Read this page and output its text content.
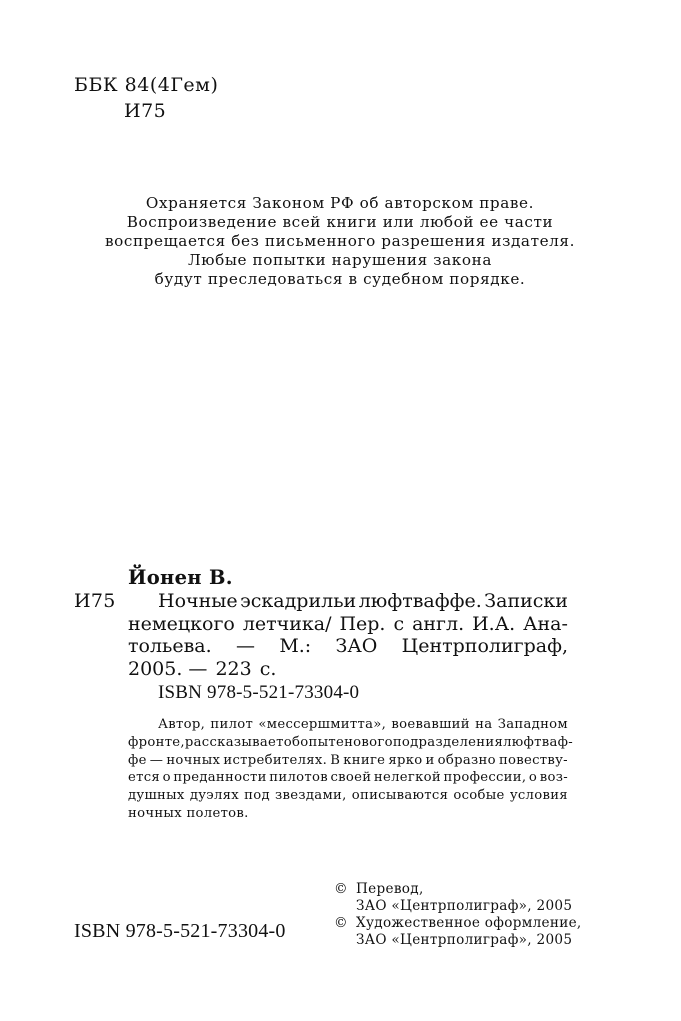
ББК 84(4Гем)
И75
Охраняется Законом РФ об авторском праве.
Воспроизведение всей книги или любой ее части
воспрещается без письменного разрешения издателя.
Любые попытки нарушения закона
будут преследоваться в судебном порядке.
Йонен В.
И75 Ночные эскадрильи люфтваффе. Записки
немецкого летчика/ Пер. с англ. И.А. Ана-
тольева. — М.: ЗАО Центрполиграф,
2005. — 223 с.
ISBN 978-5-521-73304-0
Автор, пилот «мессершмитта», воевавший на Западном
фронте, рассказывает об опыте нового подразделения люфтваф-
фе — ночных истребителях. В книге ярко и образно повеству-
ется о преданности пилотов своей нелегкой профессии, о воз-
душных дуэлях под звездами, описываются особые условия
ночных полетов.
ISBN 978-5-521-73304-0
© Перевод,
ЗАО «Центрполиграф», 2005
© Художественное оформление,
ЗАО «Центрполиграф», 2005
